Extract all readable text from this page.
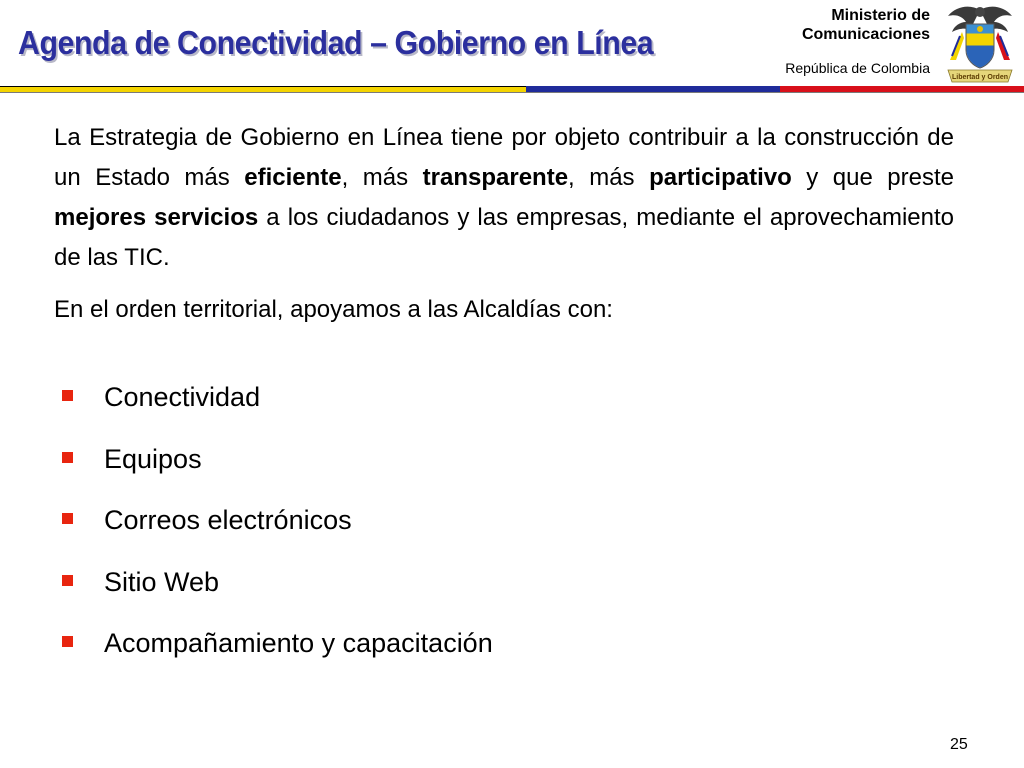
Agenda de Conectividad – Gobierno en Línea
Ministerio de
Comunicaciones
República de Colombia
Libertad y Orden
La Estrategia de Gobierno en Línea tiene por objeto contribuir a la construcción de un Estado más eficiente, más transparente, más participativo y que preste mejores servicios a los ciudadanos y las empresas, mediante el aprovechamiento de las TIC.
En el orden territorial, apoyamos a las Alcaldías con:
Conectividad
Equipos
Correos electrónicos
Sitio Web
Acompañamiento y capacitación
25
